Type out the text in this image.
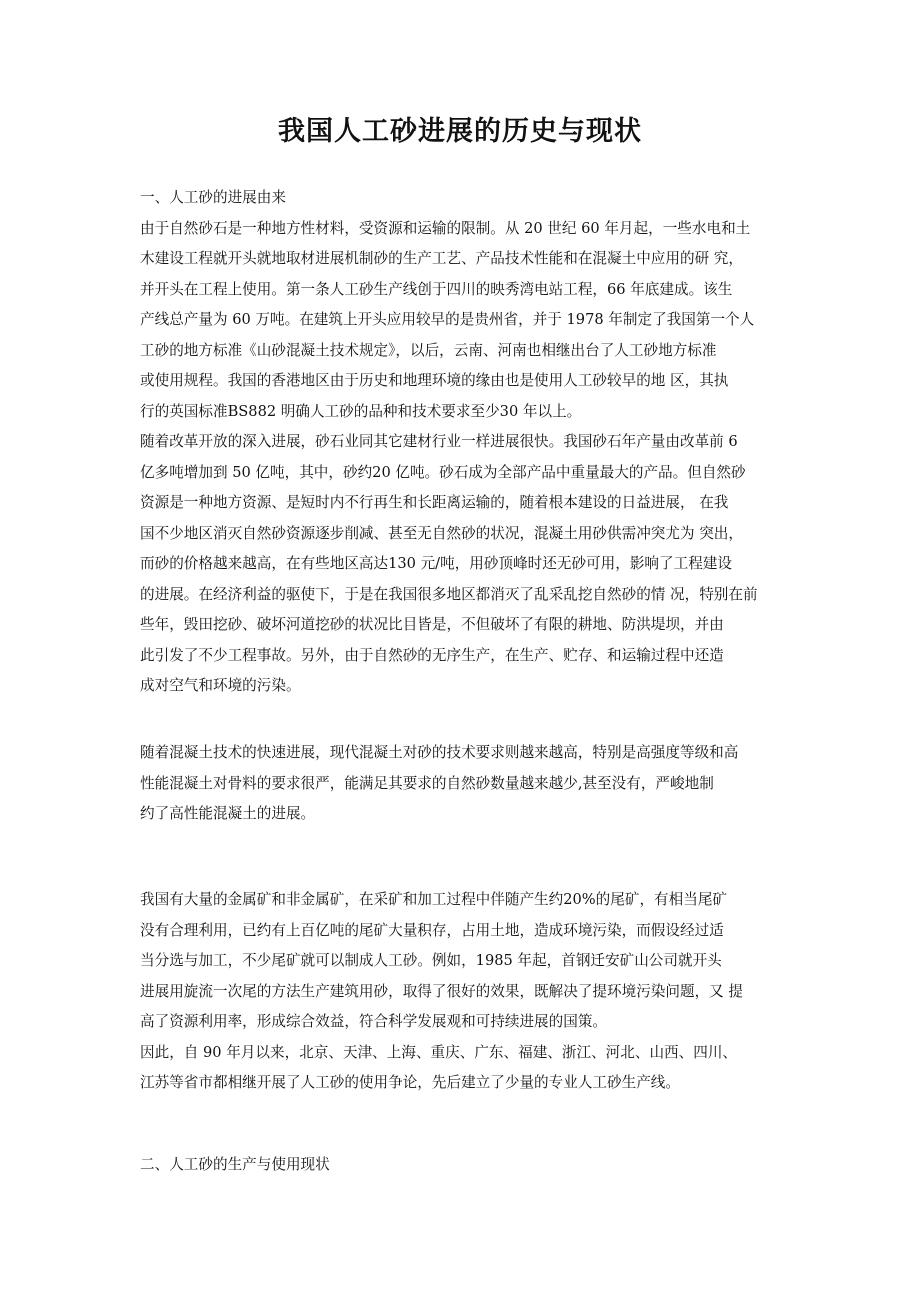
我国人工砂进展的历史与现状
一、人工砂的进展由来
由于自然砂石是一种地方性材料，受资源和运输的限制。从 20 世纪 60 年月起，一些水电和土
木建设工程就开头就地取材进展机制砂的生产工艺、产品技术性能和在混凝土中应用的研 究，
并开头在工程上使用。第一条人工砂生产线创于四川的映秀湾电站工程，66 年底建成。该生
产线总产量为 60 万吨。在建筑上开头应用较早的是贵州省，并于 1978 年制定了我国第一个人
工砂的地方标准《山砂混凝土技术规定》，以后，云南、河南也相继出台了人工砂地方标准
或使用规程。我国的香港地区由于历史和地理环境的缘由也是使用人工砂较早的地 区，其执
行的英国标准BS882 明确人工砂的品种和技术要求至少30 年以上。
随着改革开放的深入进展，砂石业同其它建材行业一样进展很快。我国砂石年产量由改革前 6
亿多吨增加到 50 亿吨，其中，砂约20 亿吨。砂石成为全部产品中重量最大的产品。但自然砂
资源是一种地方资源、是短时内不行再生和长距离运输的，随着根本建设的日益进展， 在我
国不少地区消灭自然砂资源逐步削减、甚至无自然砂的状况，混凝土用砂供需冲突尤为 突出，
而砂的价格越来越高，在有些地区高达130 元/吨，用砂顶峰时还无砂可用，影响了工程建设
的进展。在经济利益的驱使下，于是在我国很多地区都消灭了乱采乱挖自然砂的情 况，特别在前
些年，毁田挖砂、破坏河道挖砂的状况比目皆是，不但破坏了有限的耕地、防洪堤坝，并由
此引发了不少工程事故。另外，由于自然砂的无序生产，在生产、贮存、和运输过程中还造
成对空气和环境的污染。
随着混凝土技术的快速进展，现代混凝土对砂的技术要求则越来越高，特别是高强度等级和高
性能混凝土对骨料的要求很严，能满足其要求的自然砂数量越来越少,甚至没有，严峻地制
约了高性能混凝土的进展。
我国有大量的金属矿和非金属矿，在采矿和加工过程中伴随产生约20%的尾矿，有相当尾矿
没有合理利用，已约有上百亿吨的尾矿大量积存，占用土地，造成环境污染，而假设经过适
当分选与加工，不少尾矿就可以制成人工砂。例如，1985 年起，首钢迁安矿山公司就开头
进展用旋流一次尾的方法生产建筑用砂，取得了很好的效果，既解决了提环境污染问题，又 提
高了资源利用率，形成综合效益，符合科学发展观和可持续进展的国策。
因此，自 90 年月以来，北京、天津、上海、重庆、广东、福建、浙江、河北、山西、四川、
江苏等省市都相继开展了人工砂的使用争论，先后建立了少量的专业人工砂生产线。
二、人工砂的生产与使用现状
